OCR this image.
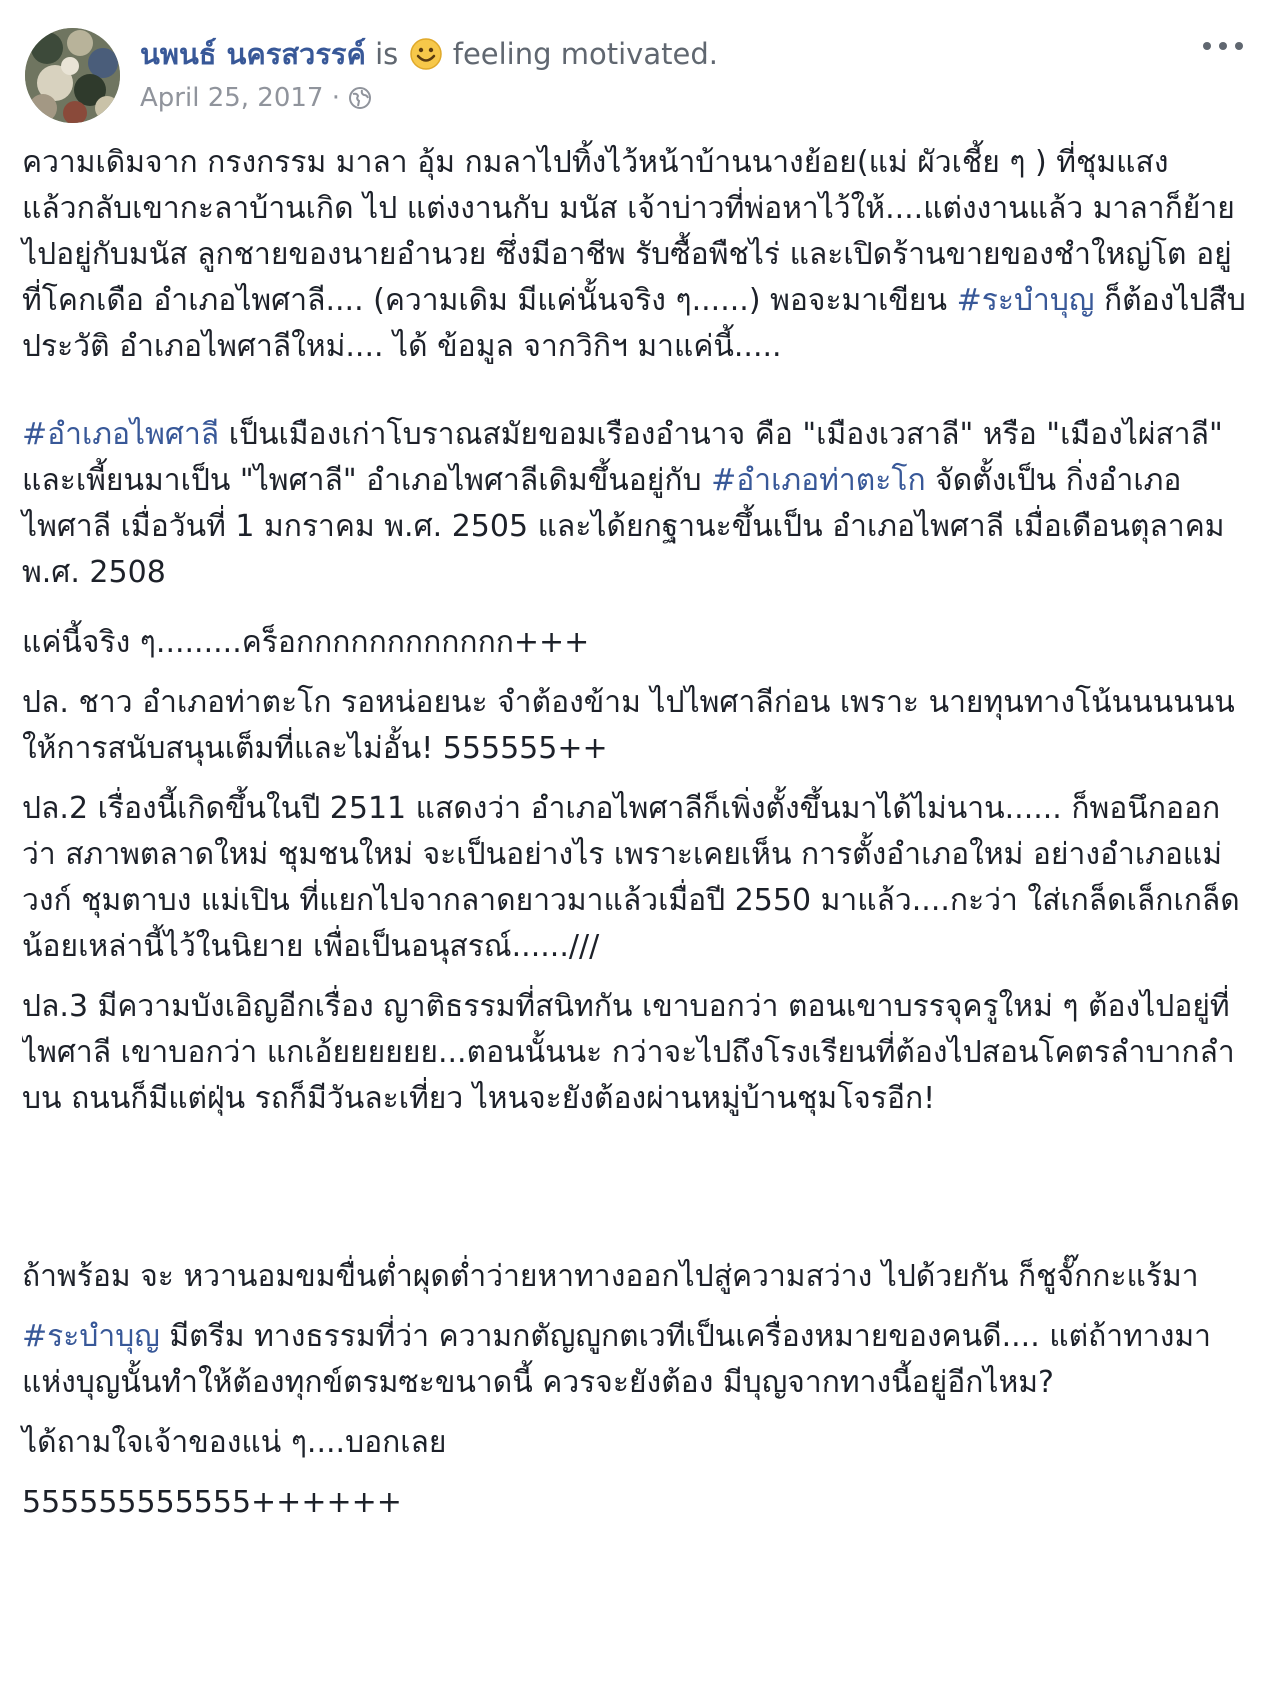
นพนธ์ นครสวรรค์ is feeling motivated.
April 25, 2017 ·

ความเดิมจาก กรงกรรม มาลา อุ้ม กมลาไปทิ้งไว้หน้าบ้านนางย้อย(แม่ ผัวเชี้ย ๆ ) ที่ชุมแสง แล้วกลับเขากะลาบ้านเกิด ไป แต่งงานกับ มนัส เจ้าบ่าวที่พ่อหาไว้ให้....แต่งงานแล้ว มาลาก็ย้ายไปอยู่กับมนัส ลูกชายของนายอำนวย ซึ่งมีอาชีพ รับซื้อพืชไร่ และเปิดร้านขายของชำใหญ่โต อยู่ที่โคกเดือ อำเภอไพศาลี.... (ความเดิม มีแค่นั้นจริง ๆ......) พอจะมาเขียน #ระบำบุญ ก็ต้องไปสืบ ประวัติ อำเภอไพศาลีใหม่.... ได้ ข้อมูล จากวิกิฯ มาแค่นี้.....

#อำเภอไพศาลี เป็นเมืองเก่าโบราณสมัยขอมเรืองอำนาจ คือ "เมืองเวสาลี" หรือ "เมืองไผ่สาลี" และเพี้ยนมาเป็น "ไพศาลี" อำเภอไพศาลีเดิมขึ้นอยู่กับ #อำเภอท่าตะโก จัดตั้งเป็น กิ่งอำเภอไพศาลี เมื่อวันที่ 1 มกราคม พ.ศ. 2505 และได้ยกฐานะขึ้นเป็น อำเภอไพศาลี เมื่อเดือนตุลาคม พ.ศ. 2508

แค่นี้จริง ๆ.........คร็อกกกกกกกกกกกก+++

ปล. ชาว อำเภอท่าตะโก รอหน่อยนะ จำต้องข้าม ไปไพศาลีก่อน เพราะ นายทุนทางโน้นนนนนน ให้การสนับสนุนเต็มที่และไม่อั้น! 555555++

ปล.2 เรื่องนี้เกิดขึ้นในปี 2511 แสดงว่า อำเภอไพศาลีก็เพิ่งตั้งขึ้นมาได้ไม่นาน...... ก็พอนึกออกว่า สภาพตลาดใหม่ ชุมชนใหม่ จะเป็นอย่างไร เพราะเคยเห็น การตั้งอำเภอใหม่ อย่างอำเภอแม่วงก์ ชุมตาบง แม่เปิน ที่แยกไปจากลาดยาวมาแล้วเมื่อปี 2550 มาแล้ว....กะว่า ใส่เกล็ดเล็กเกล็ดน้อยเหล่านี้ไว้ในนิยาย เพื่อเป็นอนุสรณ์......///

ปล.3 มีความบังเอิญอีกเรื่อง ญาติธรรมที่สนิทกัน เขาบอกว่า ตอนเขาบรรจุครูใหม่ ๆ ต้องไปอยู่ที่ไพศาลี เขาบอกว่า แกเอ้ยยยยยย...ตอนนั้นนะ กว่าจะไปถึงโรงเรียนที่ต้องไปสอนโคตรลำบากลำบน ถนนก็มีแต่ฝุ่น รถก็มีวันละเที่ยว ไหนจะยังต้องผ่านหมู่บ้านชุมโจรอีก!

ถ้าพร้อม จะ หวานอมขมขื่นต่ำผุดต่ำว่ายหาทางออกไปสู่ความสว่าง ไปด้วยกัน ก็ชูจั๊กกะแร้มา

#ระบำบุญ มีตรีม ทางธรรมที่ว่า ความกตัญญูกตเวทีเป็นเครื่องหมายของคนดี.... แต่ถ้าทางมาแห่งบุญนั้นทำให้ต้องทุกข์ตรมซะขนาดนี้ ควรจะยังต้อง มีบุญจากทางนี้อยู่อีกไหม?

ได้ถามใจเจ้าของแน่ ๆ....บอกเลย

555555555555++++++
